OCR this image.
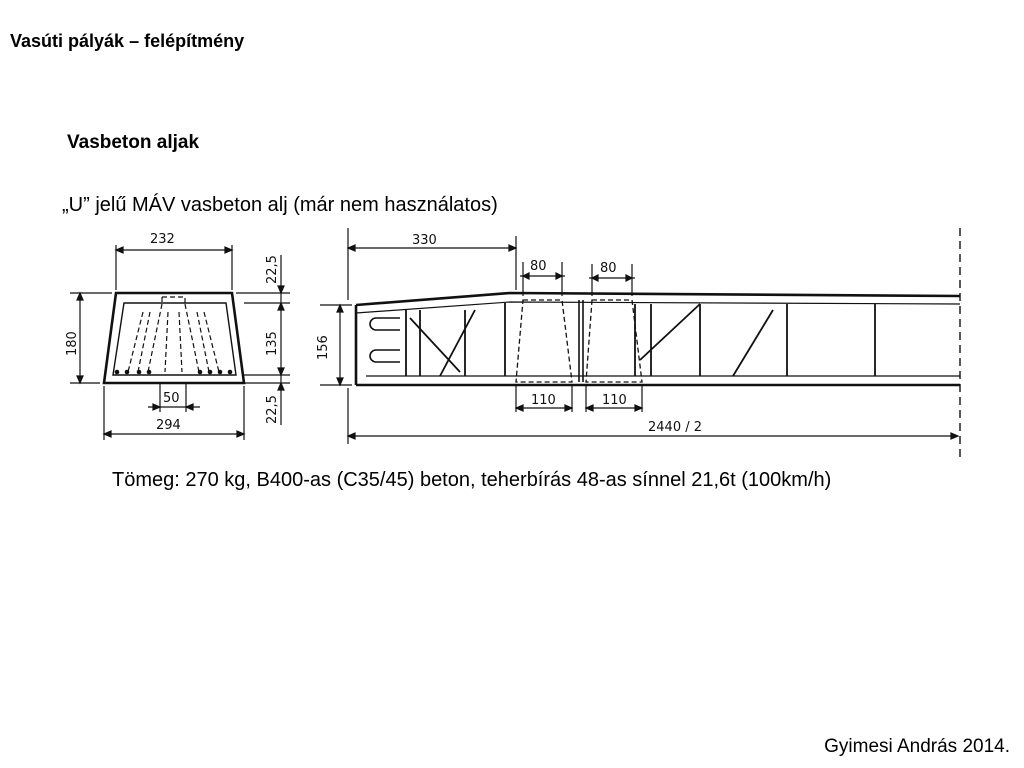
Vasúti pályák – felépítmény
Vasbeton aljak
„U” jelű MÁV vasbeton alj (már nem használatos)
232
50
294
180
22,5
135
22,5
330
80	80
156
110	110
2440 / 2
Tömeg: 270 kg, B400-as (C35/45) beton, teherbírás 48-as sínnel 21,6t (100km/h)
Gyimesi András 2014.
